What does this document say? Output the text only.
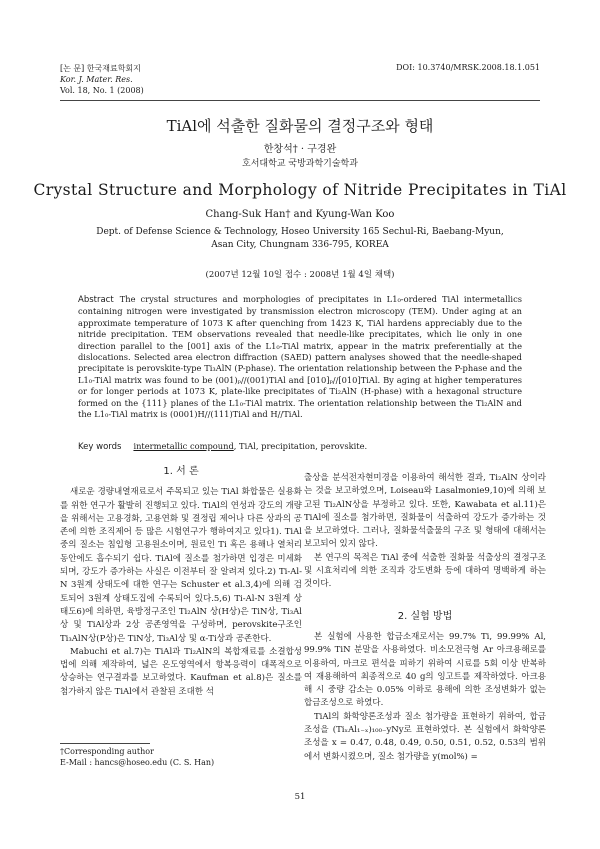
[논 문] 한국재료학회지
Kor. J. Mater. Res.
Vol. 18, No. 1 (2008)
DOI: 10.3740/MRSK.2008.18.1.051
TiAl에 석출한 질화물의 결정구조와 형태
한창석† · 구경완
호서대학교 국방과학기술학과
Crystal Structure and Morphology of Nitride Precipitates in TiAl
Chang-Suk Han† and Kyung-Wan Koo
Dept. of Defense Science & Technology, Hoseo University 165 Sechul-Ri, Baebang-Myun,
Asan City, Chungnam 336-795, KOREA
(2007년 12월 10일 접수 : 2008년 1월 4일 채택)
Abstract The crystal structures and morphologies of precipitates in L1₀-ordered TiAl intermetallics containing nitrogen were investigated by transmission electron microscopy (TEM). Under aging at an approximate temperature of 1073 K after quenching from 1423 K, TiAl hardens appreciably due to the nitride precipitation. TEM observations revealed that needle-like precipitates, which lie only in one direction parallel to the [001] axis of the L1₀-TiAl matrix, appear in the matrix preferentially at the dislocations. Selected area electron diffraction (SAED) pattern analyses showed that the needle-shaped precipitate is perovskite-type Ti₃AlN (P-phase). The orientation relationship between the P-phase and the L1₀-TiAl matrix was found to be (001)ₚ//(001)TiAl and [010]ₚ//[010]TiAl. By aging at higher temperatures or for longer periods at 1073 K, plate-like precipitates of Ti₂AlN (H-phase) with a hexagonal structure formed on the {111} planes of the L1₀-TiAl matrix. The orientation relationship between the Ti₂AlN and the L1₀-TiAl matrix is (0001)H//(111)TiAl and H//TiAl.
Key words intermetallic compound, TiAl, precipitation, perovskite.
1. 서 론

새로운 경량내열재료로서 주목되고 있는 TiAl 화합물은 실용화를 위한 연구가 활발히 진행되고 있다. TiAl의 연성과 강도의 개량을 위해서는 고용경화, 고용연화 및 결정립 제어나 다른 상과의 공존에 의한 조직제어 등 많은 시험연구가 행하여지고 있다1). TiAl 중의 질소는 침입형 고용원소이며, 원료인 Ti 혹은 용해나 열처리 동안에도 흡수되기 쉽다. TiAl에 질소를 첨가하면 입경은 미세화 되며, 강도가 증가하는 사실은 이전부터 잘 알려져 있다.2) Ti-Al-N 3원계 상태도에 대한 연구는 Schuster et al.3,4)에 의해 검토되어 3원계 상태도집에 수록되어 있다.5,6) Ti-Al-N 3원계 상태도6)에 의하면, 육방정구조인 Ti₂AlN 상(H상)은 TiN상, Ti₃Al상 및 TiAl상과 2상 공존영역을 구성하며, perovskite구조인 Ti₃AlN상(P상)은 TiN상, Ti₃Al상 및 α-Ti상과 공존한다.

Mabuchi et al.7)는 TiAl과 Ti₂AlN의 복합재료를 소결합성법에 의해 제작하여, 넓은 온도영역에서 항복응력이 대폭적으로 상승하는 연구결과를 보고하였다. Kaufman et al.8)은 질소를 첨가하지 않은 TiAl에서 관찰된 조대한 석

출상을 분석전자현미경을 이용하여 해석한 결과, Ti₂AlN 상이라는 것을 보고하였으며, Loiseau와 Lasalmonie9,10)에 의해 보고된 Ti₂AlN상을 부정하고 있다. 또한, Kawabata et al.11)은 TiAl에 질소를 첨가하면, 질화물이 석출하여 강도가 증가하는 것을 보고하였다. 그러나, 질화물석출물의 구조 및 형태에 대해서는 보고되어 있지 않다.

본 연구의 목적은 TiAl 중에 석출한 질화물 석출상의 결정구조 및 시효처리에 의한 조직과 강도변화 등에 대하여 명백하게 하는 것이다.

2. 실험 방법

본 실험에 사용한 합금소재로서는 99.7% Ti, 99.99% Al, 99.9% TiN 분말을 사용하였다. 비소모전극형 Ar 아크용해로를 이용하여, 마크로 편석을 피하기 위하여 시료를 5회 이상 반복하여 재용해하여 최종적으로 40 g의 잉고트를 제작하였다. 아크용해 시 중량 감소는 0.05% 이하로 용해에 의한 조성변화가 없는 합금조성으로 하였다.

TiAl의 화학양론조성과 질소 첨가량을 표현하기 위하여, 합금조성을 (TiₓAl₁₋ₓ)₁₀₀₋yNy로 표현하였다. 본 실험에서 화학양론조성을 x = 0.47, 0.48, 0.49, 0.50, 0.51, 0.52, 0.53의 범위에서 변화시켰으며, 질소 첨가량을 y(mol%) =

†Corresponding author
E-Mail : hancs@hoseo.edu (C. S. Han)
51
